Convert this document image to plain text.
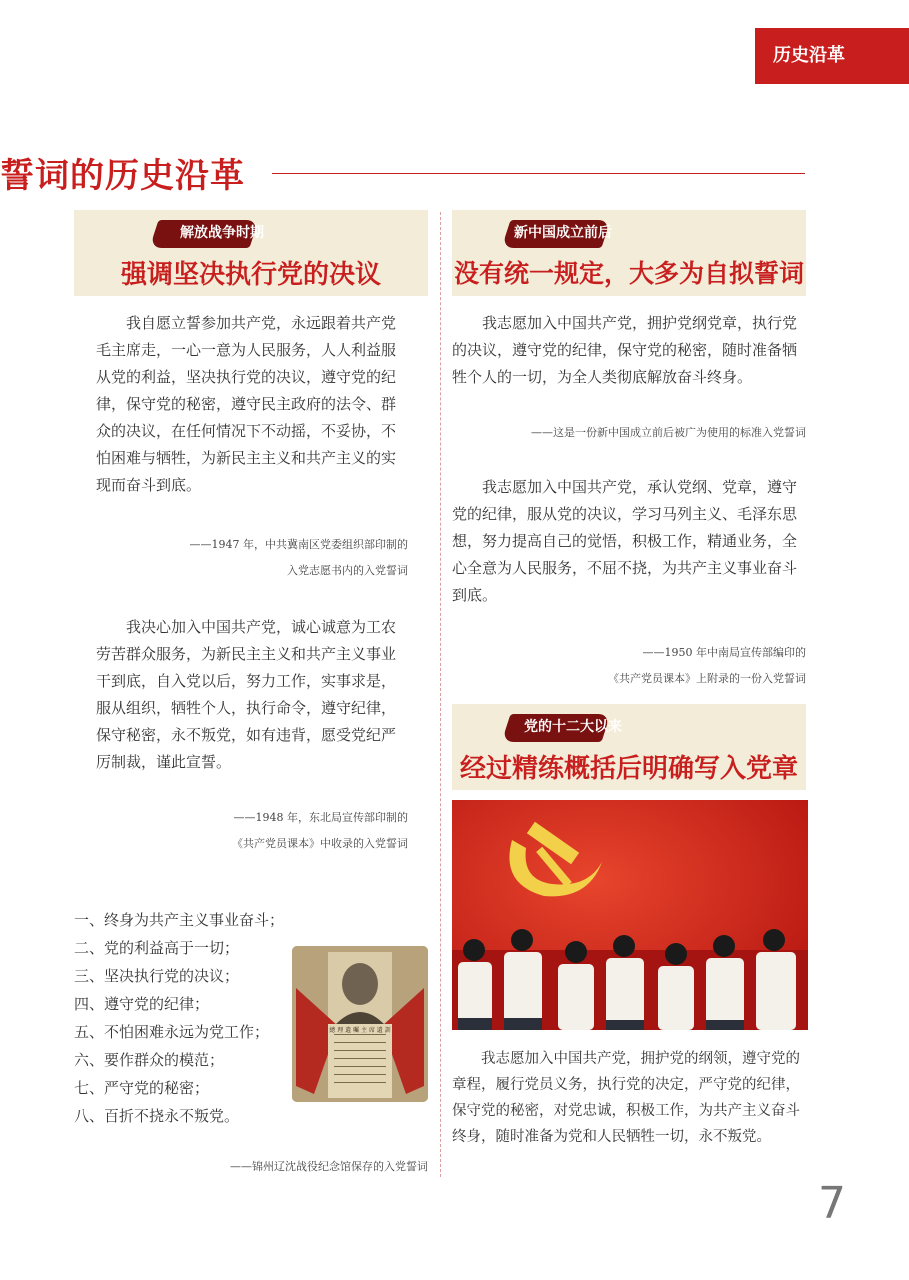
历史沿革
誓词的历史沿革
解放战争时期
强调坚决执行党的决议

我自愿立誓参加共产党，永远跟着共产党毛主席走，一心一意为人民服务，人人利益服从党的利益，坚决执行党的决议，遵守党的纪律，保守党的秘密，遵守民主政府的法令、群众的决议，在任何情况下不动摇，不妥协，不怕困难与牺牲，为新民主主义和共产主义的实现而奋斗到底。

——1947 年，中共冀南区党委组织部印制的
入党志愿书内的入党誓词

我决心加入中国共产党，诚心诚意为工农劳苦群众服务，为新民主主义和共产主义事业干到底，自入党以后，努力工作，实事求是，服从组织，牺牲个人，执行命令，遵守纪律，保守秘密，永不叛党，如有违背，愿受党纪严厉制裁，谨此宣誓。

——1948 年，东北局宣传部印制的
《共产党员课本》中收录的入党誓词
一、终身为共产主义事业奋斗；
二、党的利益高于一切；
三、坚决执行党的决议；
四、遵守党的纪律；
五、不怕困难永远为党工作；
六、要作群众的模范；
七、严守党的秘密；
八、百折不挠永不叛党。
總 理 遺 囑 主 席 遺 訓
——锦州辽沈战役纪念馆保存的入党誓词
新中国成立前后
没有统一规定，大多为自拟誓词

我志愿加入中国共产党，拥护党纲党章，执行党的决议，遵守党的纪律，保守党的秘密，随时准备牺牲个人的一切，为全人类彻底解放奋斗终身。

——这是一份新中国成立前后被广为使用的标准入党誓词

我志愿加入中国共产党，承认党纲、党章，遵守党的纪律，服从党的决议，学习马列主义、毛泽东思想，努力提高自己的觉悟，积极工作，精通业务，全心全意为人民服务，不屈不挠，为共产主义事业奋斗到底。

——1950 年中南局宣传部编印的
《共产党员课本》上附录的一份入党誓词
党的十二大以来
经过精练概括后明确写入党章

我志愿加入中国共产党，拥护党的纲领，遵守党的章程，履行党员义务，执行党的决定，严守党的纪律，保守党的秘密，对党忠诚，积极工作，为共产主义奋斗终身，随时准备为党和人民牺牲一切，永不叛党。

7
